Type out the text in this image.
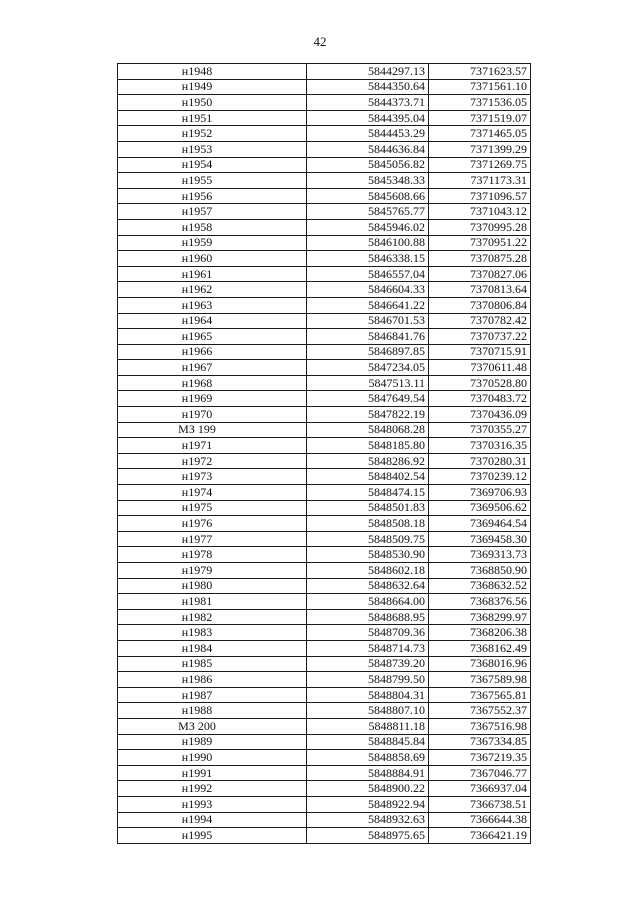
42
н1948	5844297.13	7371623.57
н1949	5844350.64	7371561.10
н1950	5844373.71	7371536.05
н1951	5844395.04	7371519.07
н1952	5844453.29	7371465.05
н1953	5844636.84	7371399.29
н1954	5845056.82	7371269.75
н1955	5845348.33	7371173.31
н1956	5845608.66	7371096.57
н1957	5845765.77	7371043.12
н1958	5845946.02	7370995.28
н1959	5846100.88	7370951.22
н1960	5846338.15	7370875.28
н1961	5846557.04	7370827.06
н1962	5846604.33	7370813.64
н1963	5846641.22	7370806.84
н1964	5846701.53	7370782.42
н1965	5846841.76	7370737.22
н1966	5846897.85	7370715.91
н1967	5847234.05	7370611.48
н1968	5847513.11	7370528.80
н1969	5847649.54	7370483.72
н1970	5847822.19	7370436.09
МЗ 199	5848068.28	7370355.27
н1971	5848185.80	7370316.35
н1972	5848286.92	7370280.31
н1973	5848402.54	7370239.12
н1974	5848474.15	7369706.93
н1975	5848501.83	7369506.62
н1976	5848508.18	7369464.54
н1977	5848509.75	7369458.30
н1978	5848530.90	7369313.73
н1979	5848602.18	7368850.90
н1980	5848632.64	7368632.52
н1981	5848664.00	7368376.56
н1982	5848688.95	7368299.97
н1983	5848709.36	7368206.38
н1984	5848714.73	7368162.49
н1985	5848739.20	7368016.96
н1986	5848799.50	7367589.98
н1987	5848804.31	7367565.81
н1988	5848807.10	7367552.37
МЗ 200	5848811.18	7367516.98
н1989	5848845.84	7367334.85
н1990	5848858.69	7367219.35
н1991	5848884.91	7367046.77
н1992	5848900.22	7366937.04
н1993	5848922.94	7366738.51
н1994	5848932.63	7366644.38
н1995	5848975.65	7366421.19
